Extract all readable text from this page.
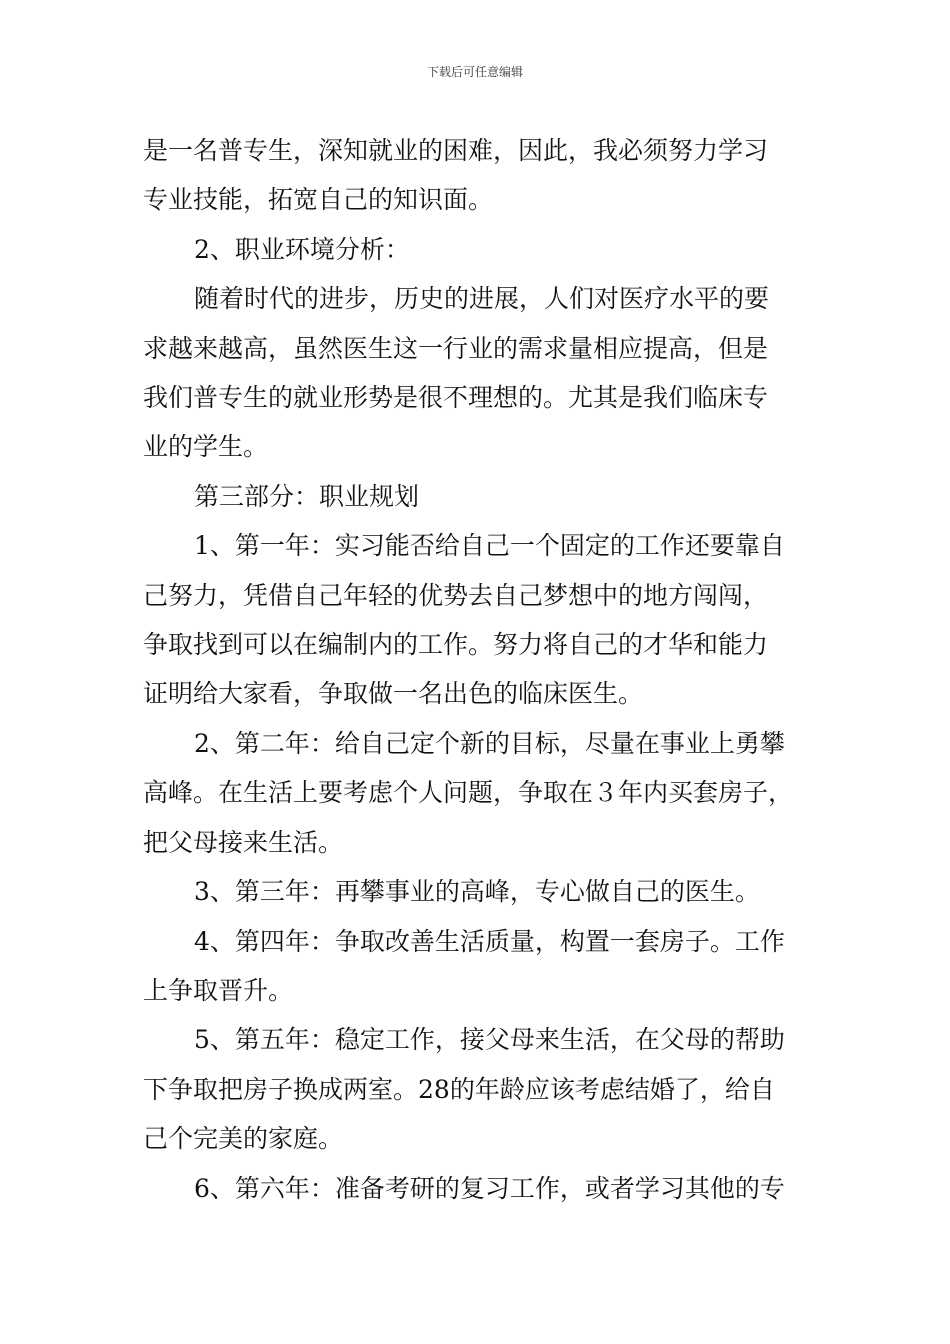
下载后可任意编辑
是一名普专生，深知就业的困难，因此，我必须努力学习
专业技能，拓宽自己的知识面。
2、职业环境分析：
随着时代的进步，历史的进展，人们对医疗水平的要
求越来越高，虽然医生这一行业的需求量相应提高，但是
我们普专生的就业形势是很不理想的。尤其是我们临床专
业的学生。
第三部分：职业规划
1、第一年：实习能否给自己一个固定的工作还要靠自
己努力，凭借自己年轻的优势去自己梦想中的地方闯闯，
争取找到可以在编制内的工作。努力将自己的才华和能力
证明给大家看，争取做一名出色的临床医生。
2、第二年：给自己定个新的目标，尽量在事业上勇攀
高峰。在生活上要考虑个人问题，争取在３年内买套房子，
把父母接来生活。
3、第三年：再攀事业的高峰，专心做自己的医生。
4、第四年：争取改善生活质量，构置一套房子。工作
上争取晋升。
5、第五年：稳定工作，接父母来生活，在父母的帮助
下争取把房子换成两室。28的年龄应该考虑结婚了，给自
己个完美的家庭。
6、第六年：准备考研的复习工作，或者学习其他的专
